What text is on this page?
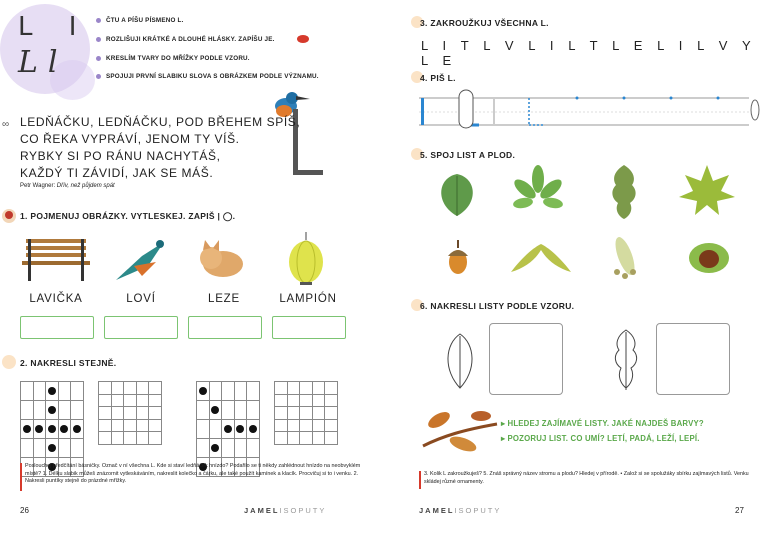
L I
Ll
ČTU A PÍŠU PÍSMENO L.
ROZLIŠUJI KRÁTKÉ A DLOUHÉ HLÁSKY. ZAPÍŠU JE.
KRESLÍM TVARY DO MŘÍŽKY PODLE VZORU.
SPOJUJI PRVNÍ SLABIKU SLOVA S OBRÁZKEM PODLE VÝZNAMU.
∞ LEDŇÁČKU, LEDŇÁČKU, POD BŘEHEM SPÍŠ,
CO ŘEKA VYPRÁVÍ, JENOM TY VÍŠ.
RYBKY SI PO RÁNU NACHYTÁŠ,
KAŽDÝ TI ZÁVIDÍ, JAK SE MÁŠ.
Petr Wagner: Dřív, než půjdem spát
1. POJMENUJ OBRÁZKY. VYTLESKEJ. ZAPIŠ | ◯.
LAVIČKA	LOVÍ	LEZE	LAMPIÓN
2. NAKRESLI STEJNĚ.

Poslouchej předčítání básničky. Označ v ní všechna L. Kde si staví ledňáček hnízdo? Podařilo se ti někdy zahlédnout hnízdo na neobvyklém místě? 1. Délku slabik můžeš znázornit vytleskáváním, nakreslit kolečko a čárku, ale také použít kamínek a klacík. Procvičuj si to i venku. 2. Nakresli puntíky stejně do prázdné mřížky.
26	JAMELISOPUTY
3. ZAKROUŽKUJ VŠECHNA L.
L I T L V L I L T L E L I L V Y L E
4. PIŠ L.
5. SPOJ LIST A PLOD.
6. NAKRESLI LISTY PODLE VZORU.
▸ HLEDEJ ZAJÍMAVÉ LISTY. JAKÉ NAJDEŠ BARVY?
▸ POZORUJ LIST. CO UMÍ? LETÍ, PADÁ, LEŽÍ, LEPÍ.
3. Kolik L zakroužkuješ? 5. Znáš správný název stromu a plodu? Hledej v přírodě. • Založ si se spolužáky sbírku zajímavých listů. Venku skládej různé ornamenty.
JAMELISOPUTY	27
